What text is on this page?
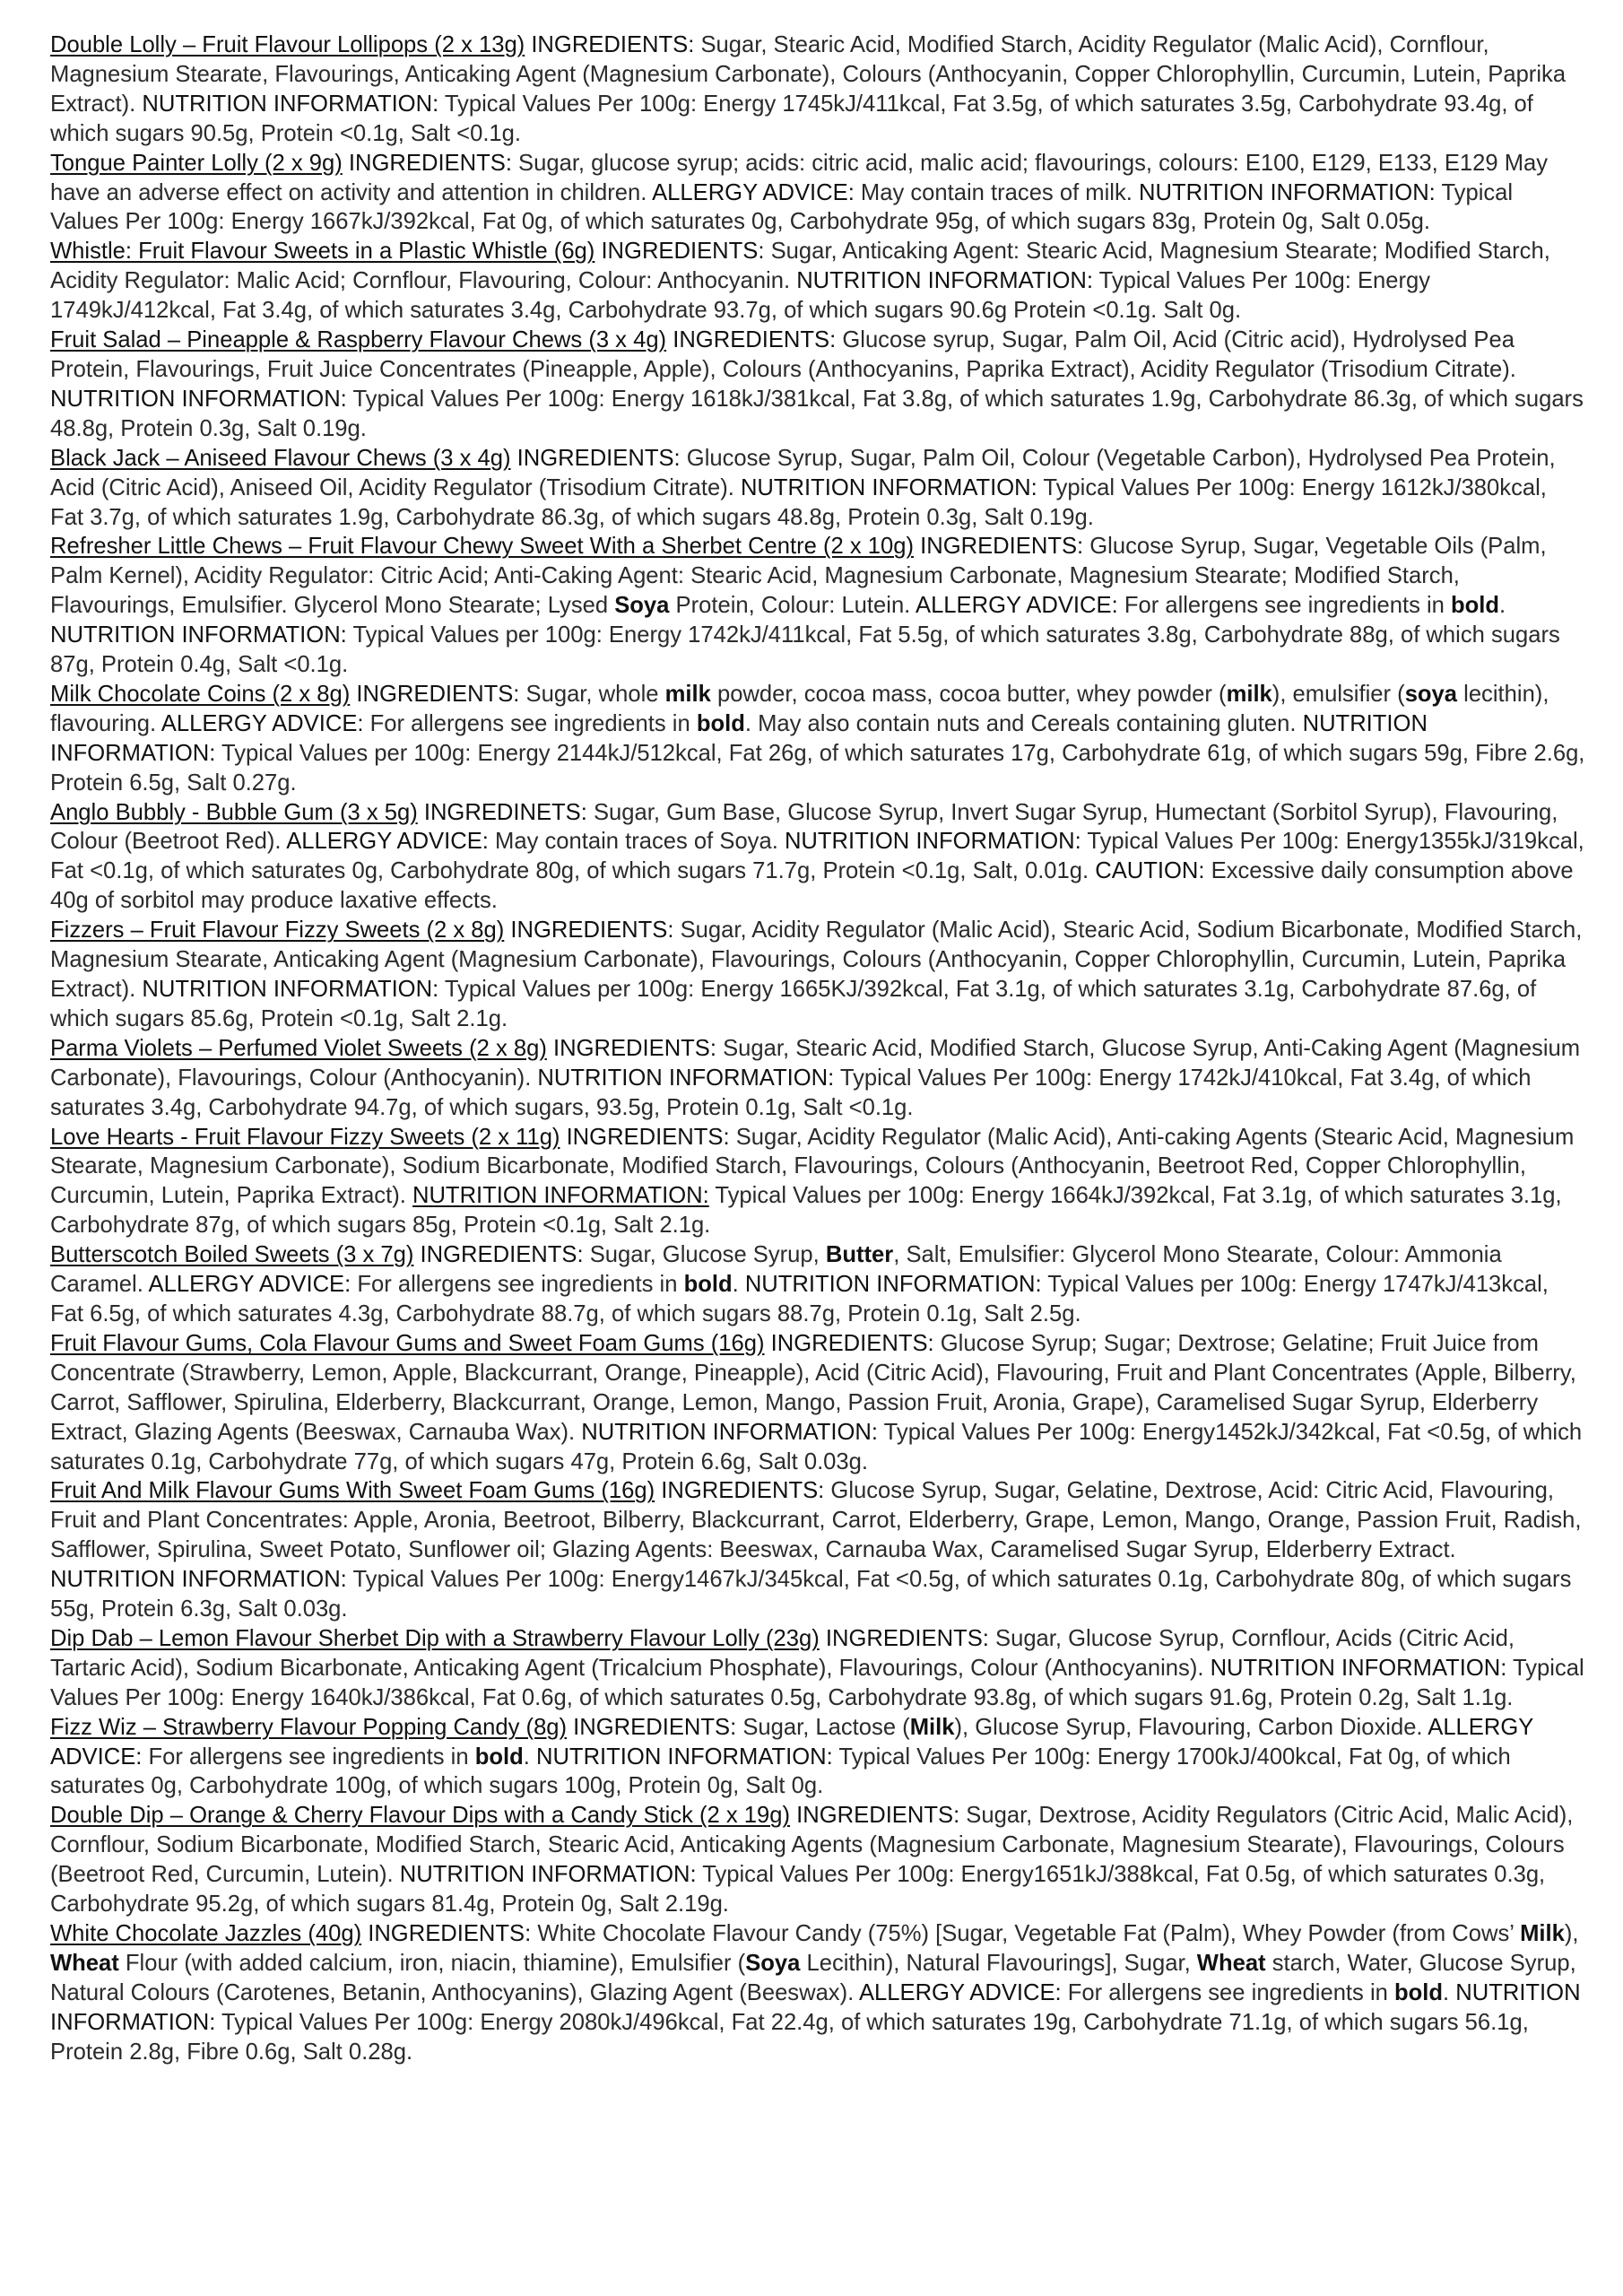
Double Lolly – Fruit Flavour Lollipops (2 x 13g) INGREDIENTS: Sugar, Stearic Acid, Modified Starch, Acidity Regulator (Malic Acid), Cornflour, Magnesium Stearate, Flavourings, Anticaking Agent (Magnesium Carbonate), Colours (Anthocyanin, Copper Chlorophyllin, Curcumin, Lutein, Paprika Extract). NUTRITION INFORMATION: Typical Values Per 100g: Energy 1745kJ/411kcal, Fat 3.5g, of which saturates 3.5g, Carbohydrate 93.4g, of which sugars 90.5g, Protein <0.1g, Salt <0.1g.

Tongue Painter Lolly (2 x 9g) INGREDIENTS: Sugar, glucose syrup; acids: citric acid, malic acid; flavourings, colours: E100, E129, E133, E129 May have an adverse effect on activity and attention in children. ALLERGY ADVICE: May contain traces of milk. NUTRITION INFORMATION: Typical Values Per 100g: Energy 1667kJ/392kcal, Fat 0g, of which saturates 0g, Carbohydrate 95g, of which sugars 83g, Protein 0g, Salt 0.05g.

Whistle: Fruit Flavour Sweets in a Plastic Whistle (6g) INGREDIENTS: Sugar, Anticaking Agent: Stearic Acid, Magnesium Stearate; Modified Starch, Acidity Regulator: Malic Acid; Cornflour, Flavouring, Colour: Anthocyanin. NUTRITION INFORMATION: Typical Values Per 100g: Energy 1749kJ/412kcal, Fat 3.4g, of which saturates 3.4g, Carbohydrate 93.7g, of which sugars 90.6g Protein <0.1g. Salt 0g.

Fruit Salad – Pineapple & Raspberry Flavour Chews (3 x 4g) INGREDIENTS: Glucose syrup, Sugar, Palm Oil, Acid (Citric acid), Hydrolysed Pea Protein, Flavourings, Fruit Juice Concentrates (Pineapple, Apple), Colours (Anthocyanins, Paprika Extract), Acidity Regulator (Trisodium Citrate). NUTRITION INFORMATION: Typical Values Per 100g: Energy 1618kJ/381kcal, Fat 3.8g, of which saturates 1.9g, Carbohydrate 86.3g, of which sugars 48.8g, Protein 0.3g, Salt 0.19g.

Black Jack – Aniseed Flavour Chews (3 x 4g) INGREDIENTS: Glucose Syrup, Sugar, Palm Oil, Colour (Vegetable Carbon), Hydrolysed Pea Protein, Acid (Citric Acid), Aniseed Oil, Acidity Regulator (Trisodium Citrate). NUTRITION INFORMATION: Typical Values Per 100g: Energy 1612kJ/380kcal, Fat 3.7g, of which saturates 1.9g, Carbohydrate 86.3g, of which sugars 48.8g, Protein 0.3g, Salt 0.19g.

Refresher Little Chews – Fruit Flavour Chewy Sweet With a Sherbet Centre (2 x 10g) INGREDIENTS: Glucose Syrup, Sugar, Vegetable Oils (Palm, Palm Kernel), Acidity Regulator: Citric Acid; Anti-Caking Agent: Stearic Acid, Magnesium Carbonate, Magnesium Stearate; Modified Starch, Flavourings, Emulsifier. Glycerol Mono Stearate; Lysed Soya Protein, Colour: Lutein. ALLERGY ADVICE: For allergens see ingredients in bold. NUTRITION INFORMATION: Typical Values per 100g: Energy 1742kJ/411kcal, Fat 5.5g, of which saturates 3.8g, Carbohydrate 88g, of which sugars 87g, Protein 0.4g, Salt <0.1g.

Milk Chocolate Coins (2 x 8g) INGREDIENTS: Sugar, whole milk powder, cocoa mass, cocoa butter, whey powder (milk), emulsifier (soya lecithin), flavouring. ALLERGY ADVICE: For allergens see ingredients in bold. May also contain nuts and Cereals containing gluten. NUTRITION INFORMATION: Typical Values per 100g: Energy 2144kJ/512kcal, Fat 26g, of which saturates 17g, Carbohydrate 61g, of which sugars 59g, Fibre 2.6g, Protein 6.5g, Salt 0.27g.

Anglo Bubbly - Bubble Gum (3 x 5g) INGREDINETS: Sugar, Gum Base, Glucose Syrup, Invert Sugar Syrup, Humectant (Sorbitol Syrup), Flavouring, Colour (Beetroot Red). ALLERGY ADVICE: May contain traces of Soya. NUTRITION INFORMATION: Typical Values Per 100g: Energy1355kJ/319kcal, Fat <0.1g, of which saturates 0g, Carbohydrate 80g, of which sugars 71.7g, Protein <0.1g, Salt, 0.01g. CAUTION: Excessive daily consumption above 40g of sorbitol may produce laxative effects.

Fizzers – Fruit Flavour Fizzy Sweets (2 x 8g) INGREDIENTS: Sugar, Acidity Regulator (Malic Acid), Stearic Acid, Sodium Bicarbonate, Modified Starch, Magnesium Stearate, Anticaking Agent (Magnesium Carbonate), Flavourings, Colours (Anthocyanin, Copper Chlorophyllin, Curcumin, Lutein, Paprika Extract). NUTRITION INFORMATION: Typical Values per 100g: Energy 1665KJ/392kcal, Fat 3.1g, of which saturates 3.1g, Carbohydrate 87.6g, of which sugars 85.6g, Protein <0.1g, Salt 2.1g.

Parma Violets – Perfumed Violet Sweets (2 x 8g) INGREDIENTS: Sugar, Stearic Acid, Modified Starch, Glucose Syrup, Anti-Caking Agent (Magnesium Carbonate), Flavourings, Colour (Anthocyanin). NUTRITION INFORMATION: Typical Values Per 100g: Energy 1742kJ/410kcal, Fat 3.4g, of which saturates 3.4g, Carbohydrate 94.7g, of which sugars, 93.5g, Protein 0.1g, Salt <0.1g.

Love Hearts - Fruit Flavour Fizzy Sweets (2 x 11g) INGREDIENTS: Sugar, Acidity Regulator (Malic Acid), Anti-caking Agents (Stearic Acid, Magnesium Stearate, Magnesium Carbonate), Sodium Bicarbonate, Modified Starch, Flavourings, Colours (Anthocyanin, Beetroot Red, Copper Chlorophyllin, Curcumin, Lutein, Paprika Extract). NUTRITION INFORMATION: Typical Values per 100g: Energy 1664kJ/392kcal, Fat 3.1g, of which saturates 3.1g, Carbohydrate 87g, of which sugars 85g, Protein <0.1g, Salt 2.1g.

Butterscotch Boiled Sweets (3 x 7g) INGREDIENTS: Sugar, Glucose Syrup, Butter, Salt, Emulsifier: Glycerol Mono Stearate, Colour: Ammonia Caramel. ALLERGY ADVICE: For allergens see ingredients in bold. NUTRITION INFORMATION: Typical Values per 100g: Energy 1747kJ/413kcal, Fat 6.5g, of which saturates 4.3g, Carbohydrate 88.7g, of which sugars 88.7g, Protein 0.1g, Salt 2.5g.

Fruit Flavour Gums, Cola Flavour Gums and Sweet Foam Gums (16g) INGREDIENTS: Glucose Syrup; Sugar; Dextrose; Gelatine; Fruit Juice from Concentrate (Strawberry, Lemon, Apple, Blackcurrant, Orange, Pineapple), Acid (Citric Acid), Flavouring, Fruit and Plant Concentrates (Apple, Bilberry, Carrot, Safflower, Spirulina, Elderberry, Blackcurrant, Orange, Lemon, Mango, Passion Fruit, Aronia, Grape), Caramelised Sugar Syrup, Elderberry Extract, Glazing Agents (Beeswax, Carnauba Wax). NUTRITION INFORMATION: Typical Values Per 100g: Energy1452kJ/342kcal, Fat <0.5g, of which saturates 0.1g, Carbohydrate 77g, of which sugars 47g, Protein 6.6g, Salt 0.03g.

Fruit And Milk Flavour Gums With Sweet Foam Gums (16g) INGREDIENTS: Glucose Syrup, Sugar, Gelatine, Dextrose, Acid: Citric Acid, Flavouring, Fruit and Plant Concentrates: Apple, Aronia, Beetroot, Bilberry, Blackcurrant, Carrot, Elderberry, Grape, Lemon, Mango, Orange, Passion Fruit, Radish, Safflower, Spirulina, Sweet Potato, Sunflower oil; Glazing Agents: Beeswax, Carnauba Wax, Caramelised Sugar Syrup, Elderberry Extract. NUTRITION INFORMATION: Typical Values Per 100g: Energy1467kJ/345kcal, Fat <0.5g, of which saturates 0.1g, Carbohydrate 80g, of which sugars 55g, Protein 6.3g, Salt 0.03g.

Dip Dab – Lemon Flavour Sherbet Dip with a Strawberry Flavour Lolly (23g) INGREDIENTS: Sugar, Glucose Syrup, Cornflour, Acids (Citric Acid, Tartaric Acid), Sodium Bicarbonate, Anticaking Agent (Tricalcium Phosphate), Flavourings, Colour (Anthocyanins). NUTRITION INFORMATION: Typical Values Per 100g: Energy 1640kJ/386kcal, Fat 0.6g, of which saturates 0.5g, Carbohydrate 93.8g, of which sugars 91.6g, Protein 0.2g, Salt 1.1g.

Fizz Wiz – Strawberry Flavour Popping Candy (8g) INGREDIENTS: Sugar, Lactose (Milk), Glucose Syrup, Flavouring, Carbon Dioxide. ALLERGY ADVICE: For allergens see ingredients in bold. NUTRITION INFORMATION: Typical Values Per 100g: Energy 1700kJ/400kcal, Fat 0g, of which saturates 0g, Carbohydrate 100g, of which sugars 100g, Protein 0g, Salt 0g.

Double Dip – Orange & Cherry Flavour Dips with a Candy Stick (2 x 19g) INGREDIENTS: Sugar, Dextrose, Acidity Regulators (Citric Acid, Malic Acid), Cornflour, Sodium Bicarbonate, Modified Starch, Stearic Acid, Anticaking Agents (Magnesium Carbonate, Magnesium Stearate), Flavourings, Colours (Beetroot Red, Curcumin, Lutein). NUTRITION INFORMATION: Typical Values Per 100g: Energy1651kJ/388kcal, Fat 0.5g, of which saturates 0.3g, Carbohydrate 95.2g, of which sugars 81.4g, Protein 0g, Salt 2.19g.

White Chocolate Jazzles (40g) INGREDIENTS: White Chocolate Flavour Candy (75%) [Sugar, Vegetable Fat (Palm), Whey Powder (from Cows’ Milk), Wheat Flour (with added calcium, iron, niacin, thiamine), Emulsifier (Soya Lecithin), Natural Flavourings], Sugar, Wheat starch, Water, Glucose Syrup, Natural Colours (Carotenes, Betanin, Anthocyanins), Glazing Agent (Beeswax). ALLERGY ADVICE: For allergens see ingredients in bold. NUTRITION INFORMATION: Typical Values Per 100g: Energy 2080kJ/496kcal, Fat 22.4g, of which saturates 19g, Carbohydrate 71.1g, of which sugars 56.1g, Protein 2.8g, Fibre 0.6g, Salt 0.28g.
